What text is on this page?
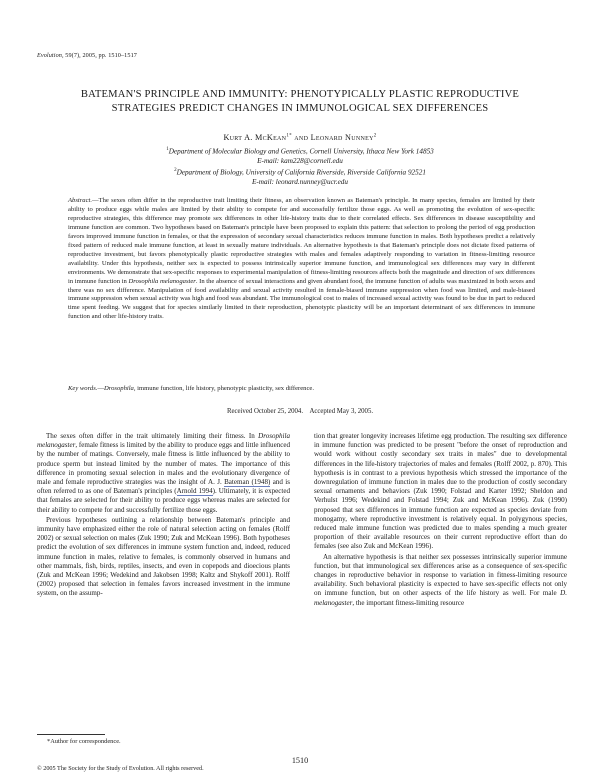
Evolution, 59(7), 2005, pp. 1510–1517
BATEMAN'S PRINCIPLE AND IMMUNITY: PHENOTYPICALLY PLASTIC REPRODUCTIVE STRATEGIES PREDICT CHANGES IN IMMUNOLOGICAL SEX DIFFERENCES
Kurt A. McKean$^{1*}$ and Leonard Nunney$^2$
$^1$Department of Molecular Biology and Genetics, Cornell University, Ithaca New York 14853
E-mail: kam228@cornell.edu
$^2$Department of Biology, University of California Riverside, Riverside California 92521
E-mail: leonard.nunney@ucr.edu
Abstract.—The sexes often differ in the reproductive trait limiting their fitness, an observation known as Bateman's principle. In many species, females are limited by their ability to produce eggs while males are limited by their ability to compete for and successfully fertilize those eggs. As well as promoting the evolution of sex-specific reproductive strategies, this difference may promote sex differences in other life-history traits due to their correlated effects. Sex differences in disease susceptibility and immune function are common. Two hypotheses based on Bateman's principle have been proposed to explain this pattern: that selection to prolong the period of egg production favors improved immune function in females, or that the expression of secondary sexual characteristics reduces immune function in males. Both hypotheses predict a relatively fixed pattern of reduced male immune function, at least in sexually mature individuals. An alternative hypothesis is that Bateman's principle does not dictate fixed patterns of reproductive investment, but favors phenotypically plastic reproductive strategies with males and females adaptively responding to variation in fitness-limiting resource availability. Under this hypothesis, neither sex is expected to possess intrinsically superior immune function, and immunological sex differences may vary in different environments. We demonstrate that sex-specific responses to experimental manipulation of fitness-limiting resources affects both the magnitude and direction of sex differences in immune function in Drosophila melanogaster. In the absence of sexual interactions and given abundant food, the immune function of adults was maximized in both sexes and there was no sex difference. Manipulation of food availability and sexual activity resulted in female-biased immune suppression when food was limited, and male-biased immune suppression when sexual activity was high and food was abundant. The immunological cost to males of increased sexual activity was found to be due in part to reduced time spent feeding. We suggest that for species similarly limited in their reproduction, phenotypic plasticity will be an important determinant of sex differences in immune function and other life-history traits.
Key words.—Drosophila, immune function, life history, phenotypic plasticity, sex difference.
Received October 25, 2004.    Accepted May 3, 2005.

The sexes often differ in the trait ultimately limiting their fitness. In Drosophila melanogaster, female fitness is limited by the ability to produce eggs and little influenced by the number of matings. Conversely, male fitness is little influenced by the ability to produce sperm but instead limited by the number of mates. The importance of this difference in promoting sexual selection in males and the evolutionary divergence of male and female reproductive strategies was the insight of A. J. Bateman (1948) and is often referred to as one of Bateman's principles (Arnold 1994). Ultimately, it is expected that females are selected for their ability to produce eggs whereas males are selected for their ability to compete for and successfully fertilize those eggs.

Previous hypotheses outlining a relationship between Bateman's principle and immunity have emphasized either the role of natural selection acting on females (Rolff 2002) or sexual selection on males (Zuk 1990; Zuk and McKean 1996). Both hypotheses predict the evolution of sex differences in immune system function and, indeed, reduced immune function in males, relative to females, is commonly observed in humans and other mammals, fish, birds, reptiles, insects, and even in copepods and dioecious plants (Zuk and McKean 1996; Wedekind and Jakobsen 1998; Kaltz and Shykoff 2001). Rolff (2002) proposed that selection in females favors increased investment in the immune system, on the assump-

tion that greater longevity increases lifetime egg production. The resulting sex difference in immune function was predicted to be present "before the onset of reproduction and would work without costly secondary sex traits in males" due to developmental differences in the life-history trajectories of males and females (Rolff 2002, p. 870). This hypothesis is in contrast to a previous hypothesis which stressed the importance of the downregulation of immune function in males due to the production of costly secondary sexual ornaments and behaviors (Zuk 1990; Folstad and Karter 1992; Sheldon and Verhulst 1996; Wedekind and Folstad 1994; Zuk and McKean 1996). Zuk (1990) proposed that sex differences in immune function are expected as species deviate from monogamy, where reproductive investment is relatively equal. In polygynous species, reduced male immune function was predicted due to males spending a much greater proportion of their available resources on their current reproductive effort than do females (see also Zuk and McKean 1996).

An alternative hypothesis is that neither sex possesses intrinsically superior immune function, but that immunological sex differences arise as a consequence of sex-specific changes in reproductive behavior in response to variation in fitness-limiting resource availability. Such behavioral plasticity is expected to have sex-specific effects not only on immune function, but on other aspects of the life history as well. For male D. melanogaster, the important fitness-limiting resource

*Author for correspondence.
1510
© 2005 The Society for the Study of Evolution. All rights reserved.
